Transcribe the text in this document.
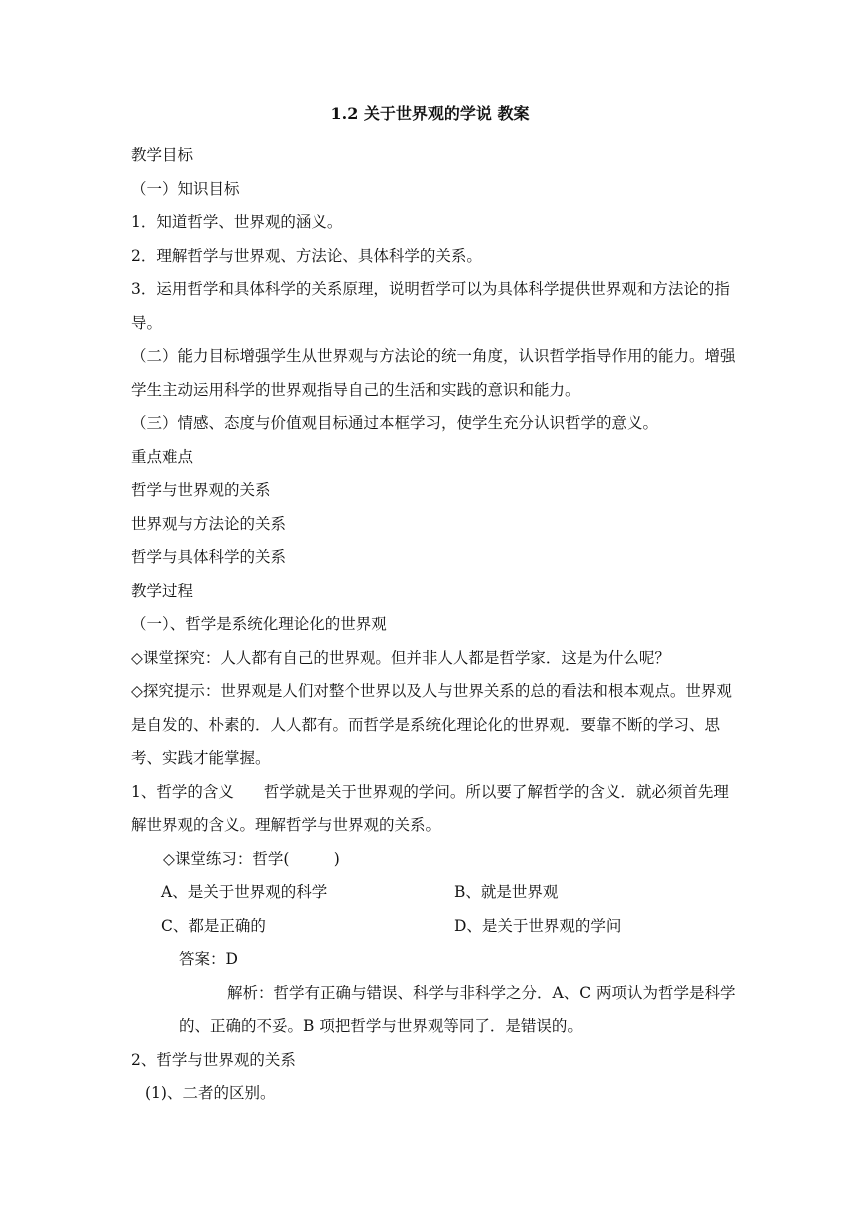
1.2 关于世界观的学说 教案

教学目标

（一）知识目标

1．知道哲学、世界观的涵义。

2．理解哲学与世界观、方法论、具体科学的关系。

3．运用哲学和具体科学的关系原理，说明哲学可以为具体科学提供世界观和方法论的指导。

（二）能力目标增强学生从世界观与方法论的统一角度，认识哲学指导作用的能力。增强学生主动运用科学的世界观指导自己的生活和实践的意识和能力。

（三）情感、态度与价值观目标通过本框学习，使学生充分认识哲学的意义。

重点难点

哲学与世界观的关系

世界观与方法论的关系

哲学与具体科学的关系

教学过程

（一）、哲学是系统化理论化的世界观

◇课堂探究：人人都有自己的世界观。但并非人人都是哲学家．这是为什么呢？

◇探究提示：世界观是人们对整个世界以及人与世界关系的总的看法和根本观点。世界观是自发的、朴素的．人人都有。而哲学是系统化理论化的世界观．要靠不断的学习、思考、实践才能掌握。

1、哲学的含义 哲学就是关于世界观的学问。所以要了解哲学的含义．就必须首先理解世界观的含义。理解哲学与世界观的关系。

◇课堂练习：哲学(         )

A、是关于世界观的科学	B、就是世界观
C、都是正确的	D、是关于世界观的学问

答案：D

解析：哲学有正确与错误、科学与非科学之分．A、C 两项认为哲学是科学的、正确的不妥。B 项把哲学与世界观等同了．是错误的。

2、哲学与世界观的关系

(1)、二者的区别。
